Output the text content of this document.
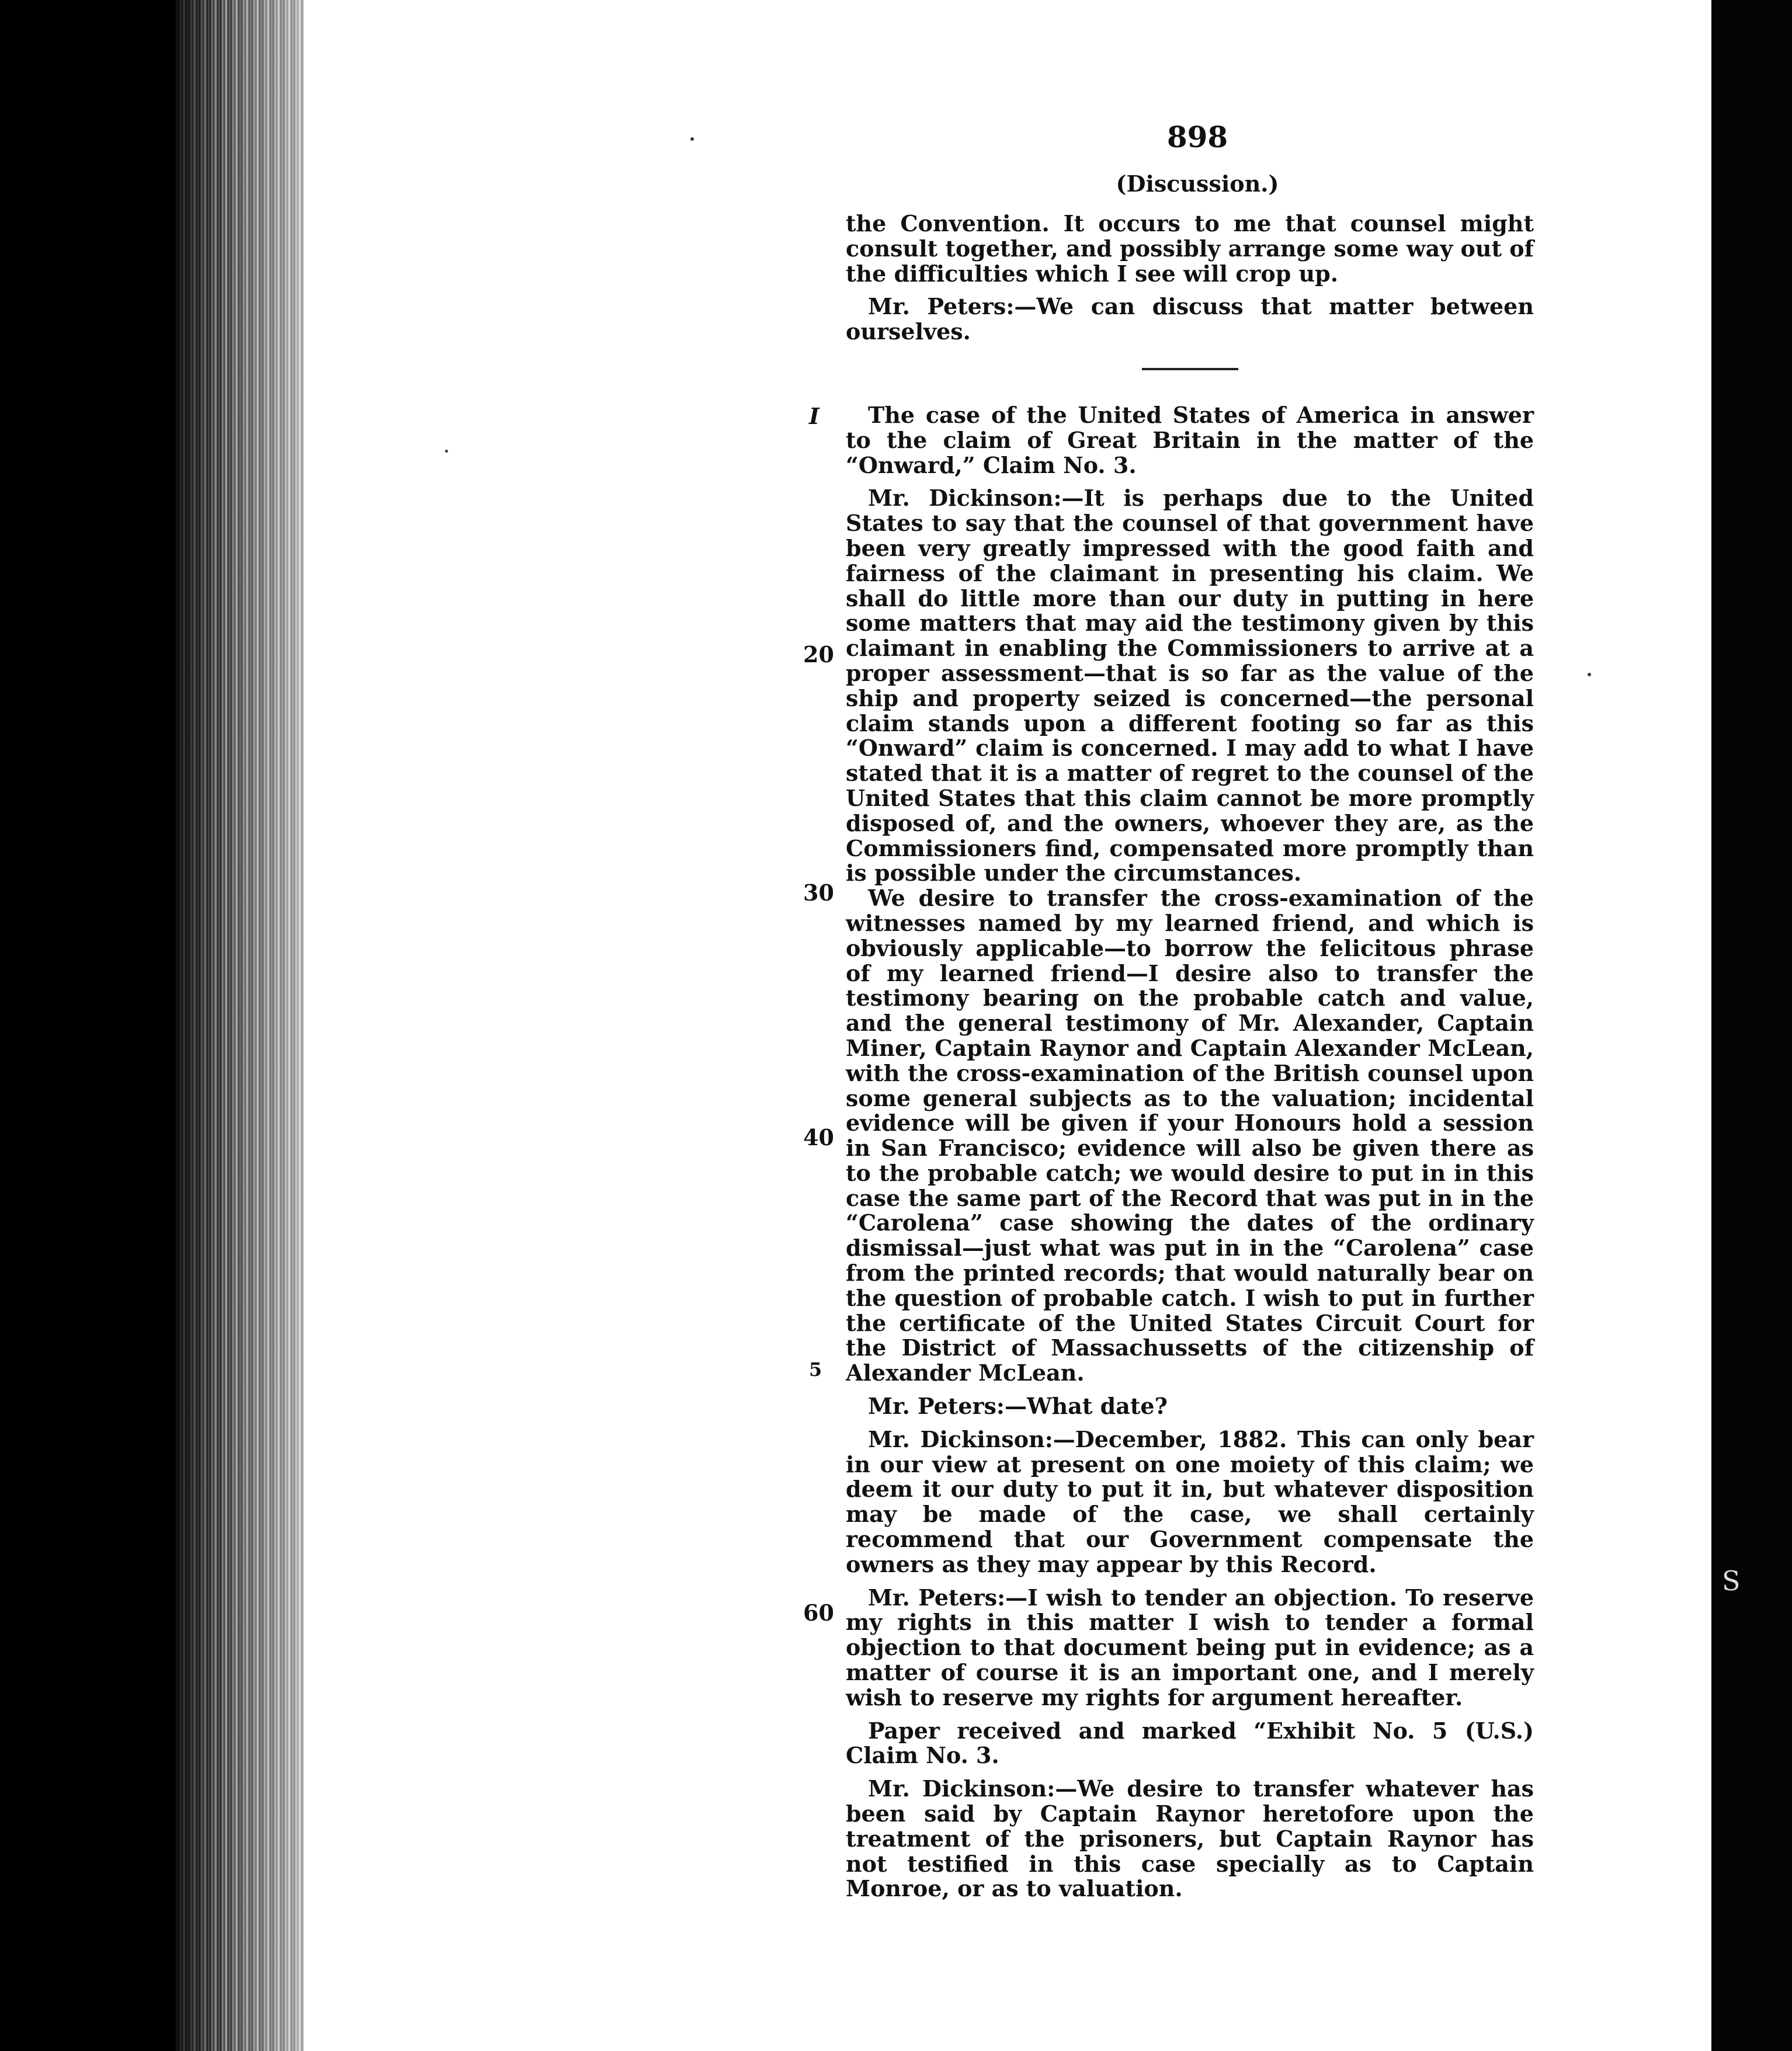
898
(Discussion.)
I
20
30
40
5
60
S

the Convention. It occurs to me that counsel might consult together, and possibly arrange some way out of the difficulties which I see will crop up.

Mr. Peters:—We can discuss that matter between ourselves.

The case of the United States of America in answer to the claim of Great Britain in the matter of the “Onward,” Claim No. 3.

Mr. Dickinson:—It is perhaps due to the United States to say that the counsel of that government have been very greatly impressed with the good faith and fairness of the claimant in presenting his claim. We shall do little more than our duty in putting in here some matters that may aid the testimony given by this claimant in enabling the Commissioners to arrive at a proper assessment—that is so far as the value of the ship and property seized is concerned—the personal claim stands upon a different footing so far as this “Onward” claim is concerned. I may add to what I have stated that it is a matter of regret to the counsel of the United States that this claim cannot be more promptly disposed of, and the owners, whoever they are, as the Commissioners find, compensated more promptly than is possible under the circumstances.

We desire to transfer the cross-examination of the witnesses named by my learned friend, and which is obviously applicable—to borrow the felicitous phrase of my learned friend—I desire also to transfer the testimony bearing on the probable catch and value, and the general testimony of Mr. Alexander, Captain Miner, Captain Raynor and Captain Alexander McLean, with the cross-examination of the British counsel upon some general subjects as to the valuation; incidental evidence will be given if your Honours hold a session in San Francisco; evidence will also be given there as to the probable catch; we would desire to put in in this case the same part of the Record that was put in in the “Carolena” case showing the dates of the ordinary dismissal—just what was put in in the “Carolena” case from the printed records; that would naturally bear on the question of probable catch. I wish to put in further the certificate of the United States Circuit Court for the District of Massachussetts of the citizenship of Alexander McLean.

Mr. Peters:—What date?

Mr. Dickinson:—December, 1882. This can only bear in our view at present on one moiety of this claim; we deem it our duty to put it in, but whatever disposition may be made of the case, we shall certainly recommend that our Government compensate the owners as they may appear by this Record.

Mr. Peters:—I wish to tender an objection. To reserve my rights in this matter I wish to tender a formal objection to that document being put in evidence; as a matter of course it is an important one, and I merely wish to reserve my rights for argument hereafter.

Paper received and marked “Exhibit No. 5 (U.S.) Claim No. 3.

Mr. Dickinson:—We desire to transfer whatever has been said by Captain Raynor heretofore upon the treatment of the prisoners, but Captain Raynor has not testified in this case specially as to Captain Monroe, or as to valuation.
